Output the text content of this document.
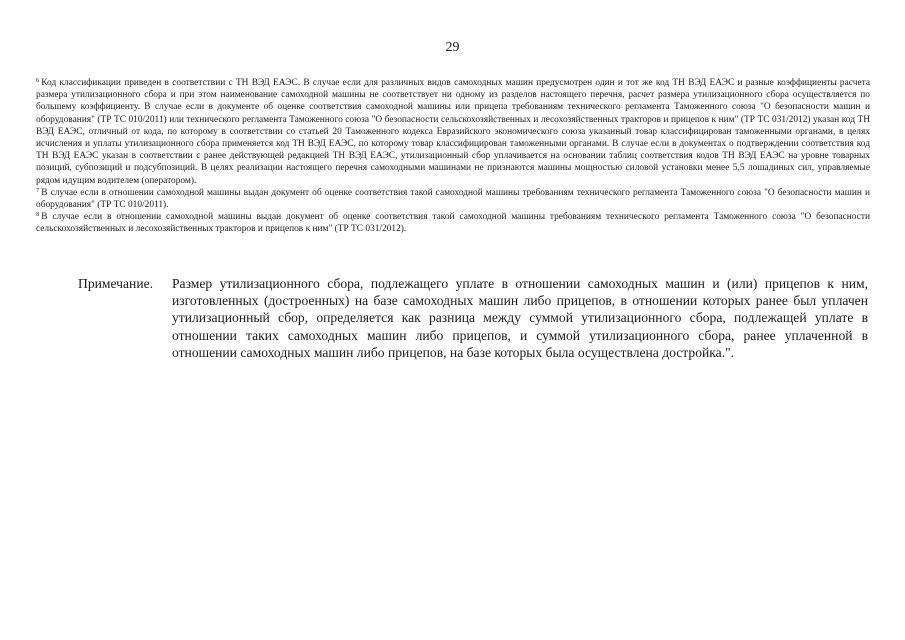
29

$^6$ Код классификации приведен в соответствии с ТН ВЭД ЕАЭС. В случае если для различных видов самоходных машин предусмотрен один и тот же код ТН ВЭД ЕАЭС и разные коэффициенты расчета размера утилизационного сбора и при этом наименование самоходной машины не соответствует ни одному из разделов настоящего перечня, расчет размера утилизационного сбора осуществляется по большему коэффициенту. В случае если в документе об оценке соответствия самоходной машины или прицепа требованиям технического регламента Таможенного союза "О безопасности машин и оборудования" (ТР ТС 010/2011) или технического регламента Таможенного союза "О безопасности сельскохозяйственных и лесохозяйственных тракторов и прицепов к ним" (ТР ТС 031/2012) указан код ТН ВЭД ЕАЭС, отличный от кода, по которому в соответствии со статьей 20 Таможенного кодекса Евразийского экономического союза указанный товар классифицирован таможенными органами, в целях исчисления и уплаты утилизационного сбора применяется код ТН ВЭД ЕАЭС, по которому товар классифицирован таможенными органами. В случае если в документах о подтверждении соответствия код ТН ВЭД ЕАЭС указан в соответствии с ранее действующей редакцией ТН ВЭД ЕАЭС, утилизационный сбор уплачивается на основании таблиц соответствия кодов ТН ВЭД ЕАЭС на уровне товарных позиций, субпозиций и подсубпозиций. В целях реализации настоящего перечня самоходными машинами не признаются машины мощностью силовой установки менее 5,5 лошадиных сил, управляемые рядом идущим водителем (оператором).

$^7$ В случае если в отношении самоходной машины выдан документ об оценке соответствия такой самоходной машины требованиям технического регламента Таможенного союза "О безопасности машин и оборудования" (ТР ТС 010/2011).

$^8$ В случае если в отношении самоходной машины выдан документ об оценке соответствия такой самоходной машины требованиям технического регламента Таможенного союза "О безопасности сельскохозяйственных и лесохозяйственных тракторов и прицепов к ним" (ТР ТС 031/2012).

Примечание.	Размер утилизационного сбора, подлежащего уплате в отношении самоходных машин и (или) прицепов к ним, изготовленных (достроенных) на базе самоходных машин либо прицепов, в отношении которых ранее был уплачен утилизационный сбор, определяется как разница между суммой утилизационного сбора, подлежащей уплате в отношении таких самоходных машин либо прицепов, и суммой утилизационного сбора, ранее уплаченной в отношении самоходных машин либо прицепов, на базе которых была осуществлена достройка.".
